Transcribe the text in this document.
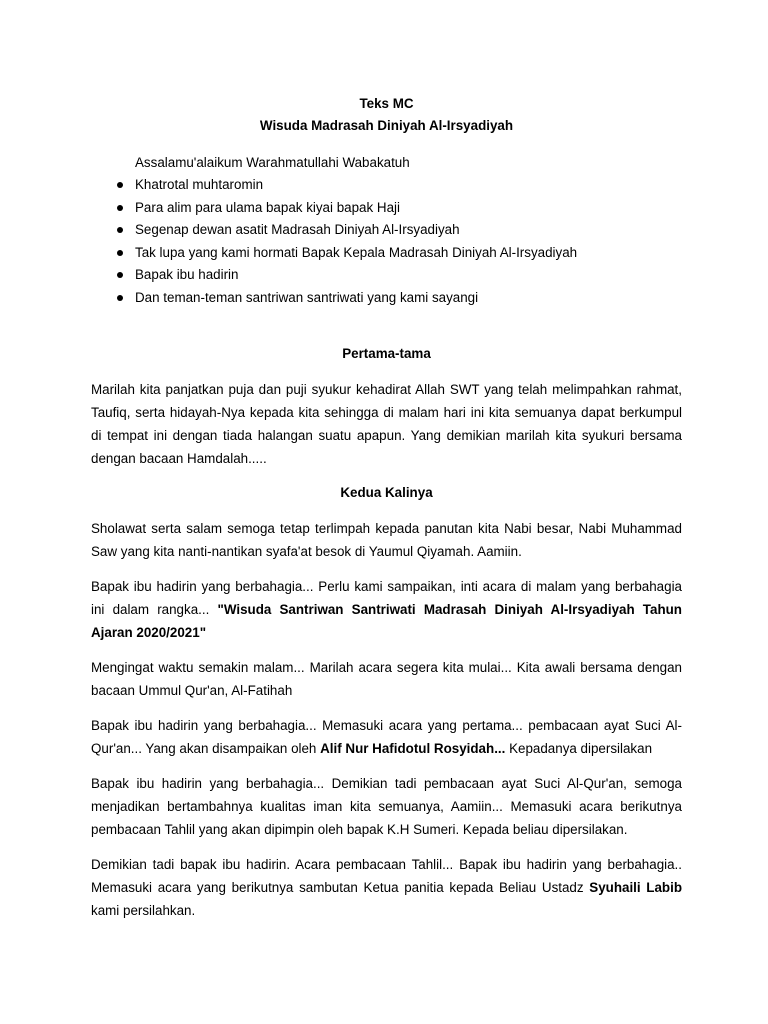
Teks MC

Wisuda Madrasah Diniyah Al-Irsyadiyah

Assalamu'alaikum Warahmatullahi Wabakatuh

Khatrotal muhtaromin
Para alim para ulama bapak kiyai bapak Haji
Segenap dewan asatit Madrasah Diniyah Al-Irsyadiyah
Tak lupa yang kami hormati Bapak Kepala Madrasah Diniyah Al-Irsyadiyah
Bapak ibu hadirin
Dan teman-teman santriwan santriwati yang kami sayangi

Pertama-tama

Marilah kita panjatkan puja dan puji syukur kehadirat Allah SWT yang telah melimpahkan rahmat, Taufiq, serta hidayah-Nya kepada kita sehingga di malam hari ini kita semuanya dapat berkumpul di tempat ini dengan tiada halangan suatu apapun. Yang demikian marilah kita syukuri bersama dengan bacaan Hamdalah.....

Kedua Kalinya

Sholawat serta salam semoga tetap terlimpah kepada panutan kita Nabi besar, Nabi Muhammad Saw yang kita nanti-nantikan syafa'at besok di Yaumul Qiyamah. Aamiin.

Bapak ibu hadirin yang berbahagia... Perlu kami sampaikan, inti acara di malam yang berbahagia ini dalam rangka... "Wisuda Santriwan Santriwati Madrasah Diniyah Al-Irsyadiyah Tahun Ajaran 2020/2021"

Mengingat waktu semakin malam... Marilah acara segera kita mulai... Kita awali bersama dengan bacaan Ummul Qur'an, Al-Fatihah

Bapak ibu hadirin yang berbahagia... Memasuki acara yang pertama... pembacaan ayat Suci Al-Qur'an... Yang akan disampaikan oleh Alif Nur Hafidotul Rosyidah... Kepadanya dipersilakan

Bapak ibu hadirin yang berbahagia... Demikian tadi pembacaan ayat Suci Al-Qur'an, semoga menjadikan bertambahnya kualitas iman kita semuanya, Aamiin... Memasuki acara berikutnya pembacaan Tahlil yang akan dipimpin oleh bapak K.H Sumeri. Kepada beliau dipersilakan.

Demikian tadi bapak ibu hadirin. Acara pembacaan Tahlil... Bapak ibu hadirin yang berbahagia.. Memasuki acara yang berikutnya sambutan Ketua panitia kepada Beliau Ustadz Syuhaili Labib kami persilahkan.
